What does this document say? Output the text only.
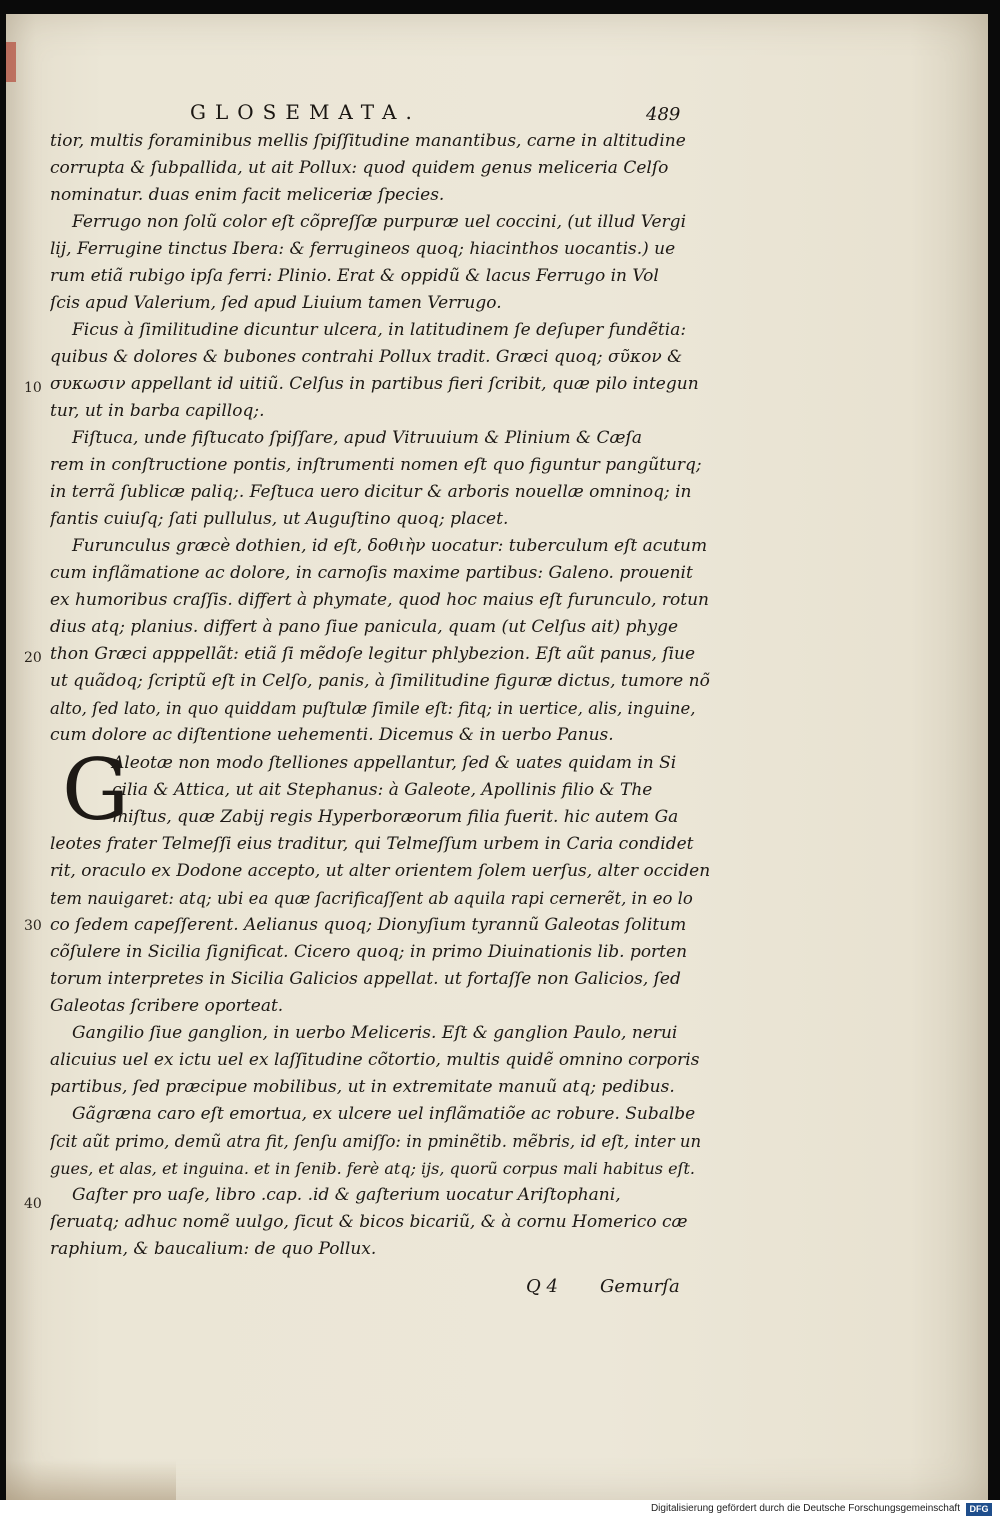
GLOSEMATA.	489
tior, multis foraminibus mellis ſpiſſitudine manantibus, carne in altitudine
corrupta & ſubpallida, ut ait Pollux: quod quidem genus meliceria Celſo
nominatur. duas enim facit meliceriæ ſpecies.
Ferrugo non ſolũ color eſt cõpreſſæ purpuræ uel coccini, (ut illud Vergi
lij, Ferrugine tinctus Ibera: & ferrugineos quoq; hiacinthos uocantis.) ue
rum etiã rubigo ipſa ferri: Plinio. Erat & oppidũ & lacus Ferrugo in Vol
ſcis apud Valerium, ſed apud Liuium tamen Verrugo.
Ficus à ſimilitudine dicuntur ulcera, in latitudinem ſe deſuper fundẽtia:
quibus & dolores & bubones contrahi Pollux tradit. Græci quoq; σῦκον &
συκωσιν appellant id uitiũ. Celſus in partibus fieri ſcribit, quæ pilo integun
tur, ut in barba capilloq;.
Fiſtuca, unde fiſtucato ſpiſſare, apud Vitruuium & Plinium & Cæſa
rem in conſtructione pontis, inſtrumenti nomen eſt quo figuntur pangũturq;
in terrã ſublicæ paliq;. Feſtuca uero dicitur & arboris nouellæ omninoq; in
fantis cuiuſq; ſati pullulus, ut Auguſtino quoq; placet.
Furunculus græcè dothien, id eſt, δοθιὴν uocatur: tuberculum eſt acutum
cum inflãmatione ac dolore, in carnoſis maxime partibus: Galeno. prouenit
ex humoribus craſſis. differt à phymate, quod hoc maius eſt furunculo, rotun
dius atq; planius. differt à pano ſiue panicula, quam (ut Celſus ait) phyge
thon Græci apppellãt: etiã ſi mẽdoſe legitur phlybezion. Eſt aũt panus, ſiue
ut quãdoq; ſcriptũ eſt in Celſo, panis, à ſimilitudine figuræ dictus, tumore nõ
alto, ſed lato, in quo quiddam puſtulæ ſimile eſt: fitq; in uertice, alis, inguine,
cum dolore ac diſtentione uehementi. Dicemus & in uerbo Panus.
Aleotæ non modo ſtelliones appellantur, ſed & uates quidam in Si
cilia & Attica, ut ait Stephanus: à Galeote, Apollinis filio & The
miſtus, quæ Zabij regis Hyperboræorum filia fuerit. hic autem Ga
leotes frater Telmeſſi eius traditur, qui Telmeſſum urbem in Caria condidet
rit, oraculo ex Dodone accepto, ut alter orientem ſolem uerſus, alter occiden
tem nauigaret: atq; ubi ea quæ ſacrificaſſent ab aquila rapi cernerẽt, in eo lo
co ſedem capeſſerent. Aelianus quoq; Dionyſium tyrannũ Galeotas ſolitum
cõſulere in Sicilia ſignificat. Cicero quoq; in primo Diuinationis lib. porten
torum interpretes in Sicilia Galicios appellat. ut fortaſſe non Galicios, ſed
Galeotas ſcribere oporteat.
Gangilio ſiue ganglion, in uerbo Meliceris. Eſt & ganglion Paulo, nerui
alicuius uel ex ictu uel ex laſſitudine cõtortio, multis quidẽ omnino corporis
partibus, ſed præcipue mobilibus, ut in extremitate manuũ atq; pedibus.
Gãgræna caro eſt emortua, ex ulcere uel inflãmatiõe ac robure. Subalbe
ſcit aũt primo, demũ atra fit, ſenſu amiſſo: in pminẽtib. mẽbris, id eſt, inter un
gues, et alas, et inguina. et in ſenib. ferè atq; ijs, quorũ corpus mali habitus eſt.
Gaſter pro uaſe, libro .cap. .id & gaſterium uocatur Ariſtophani,
ſeruatq; adhuc nomẽ uulgo, ſicut & bicos bicariũ, & à cornu Homerico cæ
raphium, & baucalium: de quo Pollux.
G
10
20
30
40
Q 4 Gemurſa
Digitalisierung gefördert durch die Deutsche Forschungsgemeinschaft	DFG
